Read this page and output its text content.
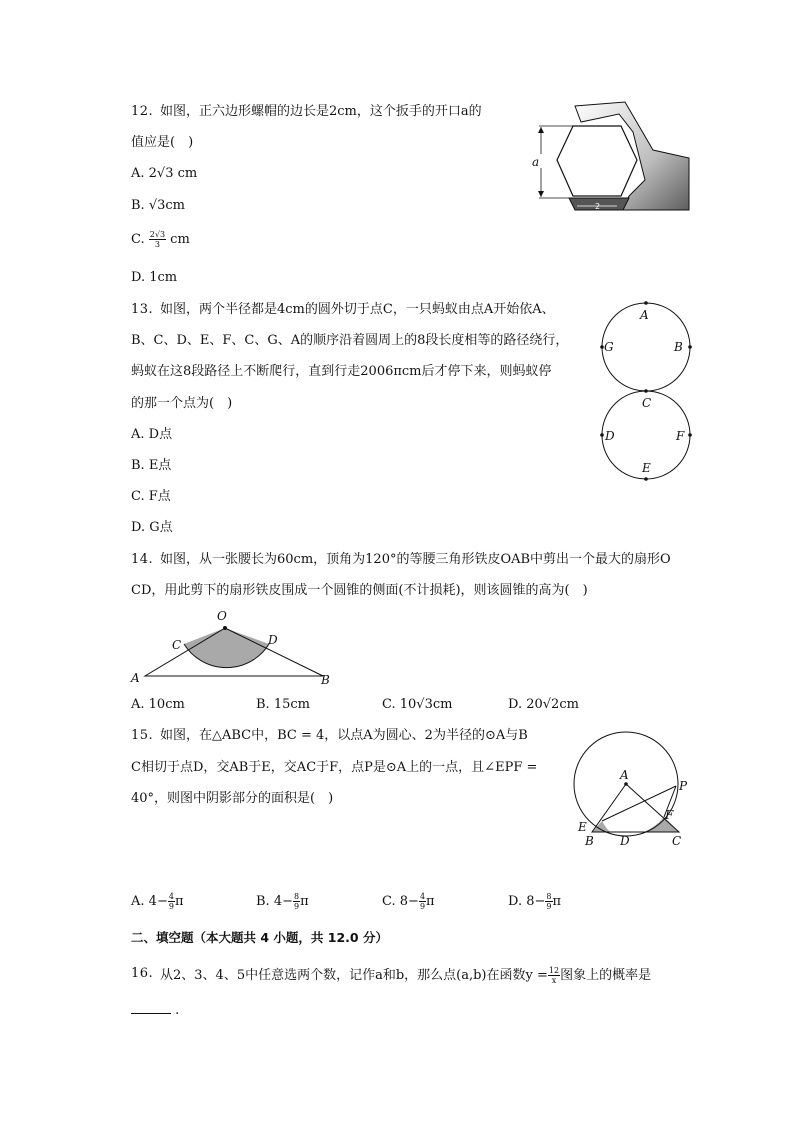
12. 如图，正六边形螺帽的边长是2cm，这个扳手的开口a的
值应是(　)
A. 2√3 cm
B. √3cm
C. $\frac{2√3}{3}$ cm
D. 1cm
a
2
13. 如图，两个半径都是4cm的圆外切于点C，一只蚂蚁由点A开始依A、
B、C、D、E、F、C、G、A的顺序沿着圆周上的8段长度相等的路径绕行，
蚂蚁在这8段路径上不断爬行，直到行走2006πcm后才停下来，则蚂蚁停
的那一个点为(　)
A. D点
B. E点
C. F点
D. G点
A
B
C
G
D	F
E
14. 如图，从一张腰长为60cm，顶角为120°的等腰三角形铁皮OAB中剪出一个最大的扇形O
CD，用此剪下的扇形铁皮围成一个圆锥的侧面(不计损耗)，则该圆锥的高为(　)
O
C	D
A	B
A. 10cm	B. 15cm	C. 10√3cm	D. 20√2cm
15. 如图，在△ABC中，BC = 4，以点A为圆心、2为半径的⊙A与B
C相切于点D，交AB于E，交AC于F，点P是⊙A上的一点，且∠EPF =
40°，则图中阴影部分的面积是(　)
A
P
E
F
B D	C
A. $4- \frac{4}{9}$ π	B. $4- \frac{8}{9}$ π	C. $8- \frac{4}{9}$ π	D. $8- \frac{8}{9}$ π
二、填空题（本大题共 4 小题，共 12.0 分）
16. 从2、3、4、5中任意选两个数，记作a和b，那么点(a,b)在函数$y = \frac{12}{x}$ 图象上的概率是
.
